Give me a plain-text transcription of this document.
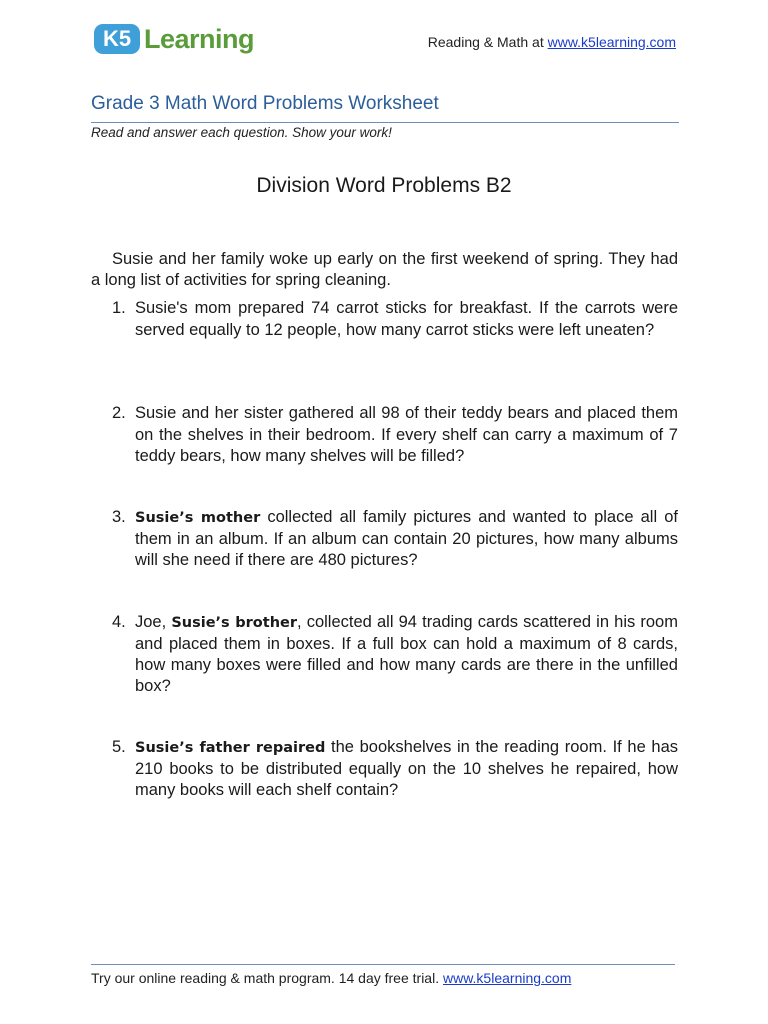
K5 Learning	Reading & Math at www.k5learning.com
Grade 3 Math Word Problems Worksheet
Read and answer each question. Show your work!
Division Word Problems B2
Susie and her family woke up early on the first weekend of spring. They had a long list of activities for spring cleaning.
1. Susie's mom prepared 74 carrot sticks for breakfast. If the carrots were served equally to 12 people, how many carrot sticks were left uneaten?
2. Susie and her sister gathered all 98 of their teddy bears and placed them on the shelves in their bedroom. If every shelf can carry a maximum of 7 teddy bears, how many shelves will be filled?
3. Susie’s mother collected all family pictures and wanted to place all of them in an album. If an album can contain 20 pictures, how many albums will she need if there are 480 pictures?
4. Joe, Susie’s brother, collected all 94 trading cards scattered in his room and placed them in boxes. If a full box can hold a maximum of 8 cards, how many boxes were filled and how many cards are there in the unfilled box?
5. Susie’s father repaired the bookshelves in the reading room. If he has 210 books to be distributed equally on the 10 shelves he repaired, how many books will each shelf contain?
Try our online reading & math program. 14 day free trial. www.k5learning.com
